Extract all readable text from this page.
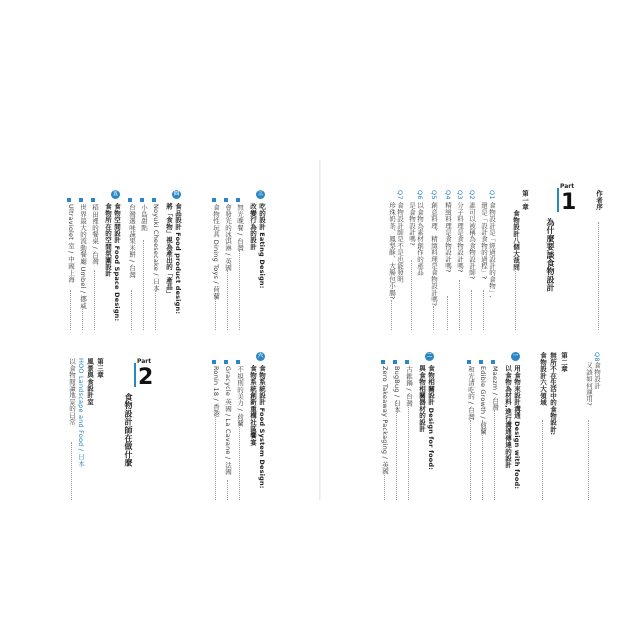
作者序
Part
1
為什麼要談食物設計
第一章
食物設計八個大哉問
Q1
食物設計是「經過設計的食物」,
還是「設計食物的過程」?
Q2
誰可以被稱為食物設計師?
Q3
分子料理是食物設計嗎?
Q4
精緻料理是食物設計嗎?
Q5
創意料理、精緻料理是食物設計嗎?
Q6
以食物為素材創作的產品
是食物設計嗎?
Q7
食物設計師是不是也能發明
珍珠奶茶、鳳梨酥、大腸包小腸?
Q8
食物設計
又該如何運用?
第二章
無所不在生活中的食物設計:
食物設計六大領域
一
用食物來設計溝通 Design with food:
以食物為材料,進行溝通傳達的設計
Maezm / 台灣
Edible Growth / 荷蘭
和光清吃的 / 台灣
二
食物相關設計 Design for food:
與食物相關器材的設計
古錐鍋 / 台灣
BugBug / 日本
Zero Takeaway Packaging / 英國
三
吃的設計 Eating Design:
改變行為的設計
無光晚餐 / 台灣
會發光的冰淇淋 / 英國
食物性玩具 Dining Toys / 荷蘭
四
食品設計 Food product design:
將「食物」視為產出的「產品」
Noyuki Cheesecake / 日本
小島甜點
台灣選味蔬果米餅 / 台灣
五
食物空間設計 Food Space Design:
食物所在的空間氛圍設計
稻田裡的餐桌 / 台灣
世界最大的流動餐廳 Umbel / 挪威
Ultraviolet 室 / 中國上海
六
食物系統設計 Food System Design:
食物系統創新重構社區饗宴
不規則的美力 / 荷蘭
Gracycle 英國 / La Cavane / 法國
Ronin 18 / 香港
Part
2
食物設計師在做什麼
第三章
風景與食設計室
HOO Landscape and Food / 日本
以食物閱讀地景的日常
